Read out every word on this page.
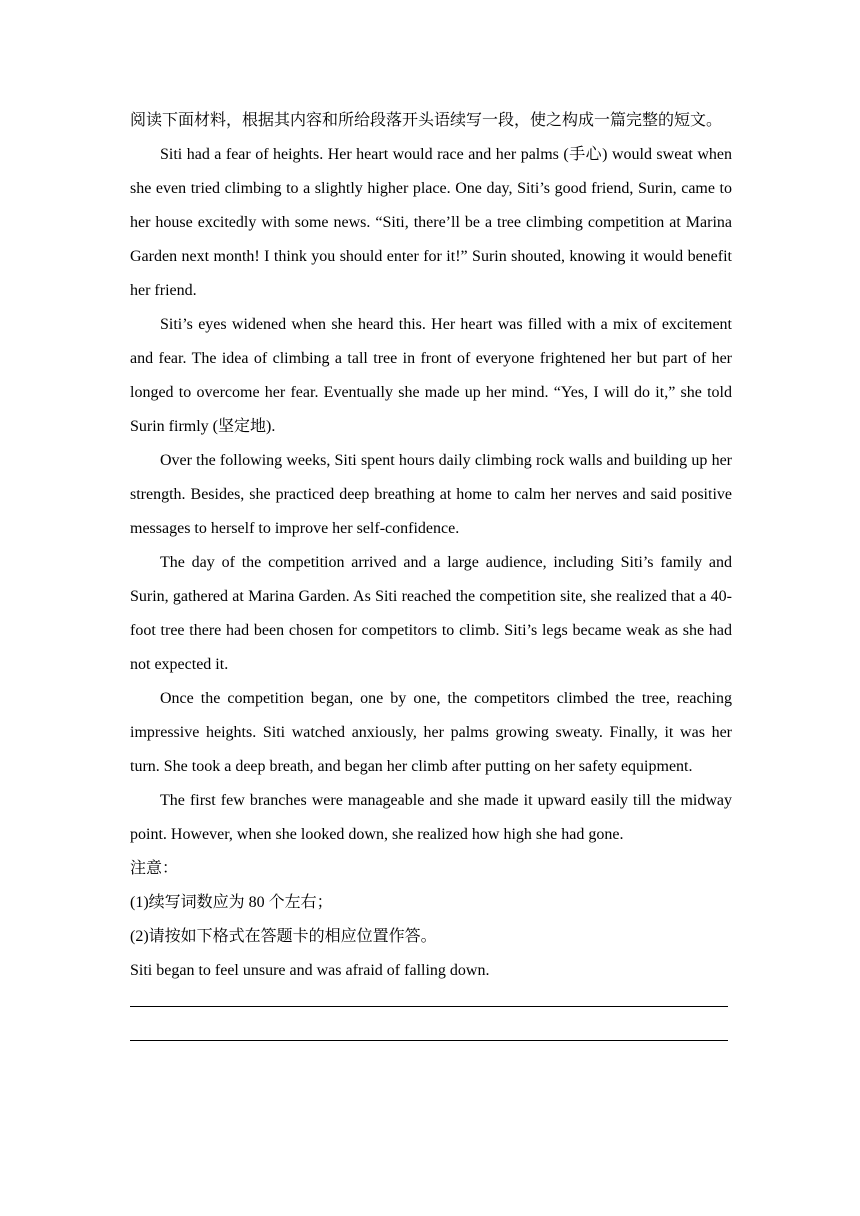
阅读下面材料，根据其内容和所给段落开头语续写一段，使之构成一篇完整的短文。

Siti had a fear of heights. Her heart would race and her palms (手心) would sweat when she even tried climbing to a slightly higher place. One day, Siti’s good friend, Surin, came to her house excitedly with some news. “Siti, there’ll be a tree climbing competition at Marina Garden next month! I think you should enter for it!” Surin shouted, knowing it would benefit her friend.

Siti’s eyes widened when she heard this. Her heart was filled with a mix of excitement and fear. The idea of climbing a tall tree in front of everyone frightened her but part of her longed to overcome her fear. Eventually she made up her mind. “Yes, I will do it,” she told Surin firmly (坚定地).

Over the following weeks, Siti spent hours daily climbing rock walls and building up her strength. Besides, she practiced deep breathing at home to calm her nerves and said positive messages to herself to improve her self-confidence.

The day of the competition arrived and a large audience, including Siti’s family and Surin, gathered at Marina Garden. As Siti reached the competition site, she realized that a 40-foot tree there had been chosen for competitors to climb. Siti’s legs became weak as she had not expected it.

Once the competition began, one by one, the competitors climbed the tree, reaching impressive heights. Siti watched anxiously, her palms growing sweaty. Finally, it was her turn. She took a deep breath, and began her climb after putting on her safety equipment.

The first few branches were manageable and she made it upward easily till the midway point. However, when she looked down, she realized how high she had gone.

注意：

(1)续写词数应为 80 个左右；

(2)请按如下格式在答题卡的相应位置作答。

Siti began to feel unsure and was afraid of falling down.
